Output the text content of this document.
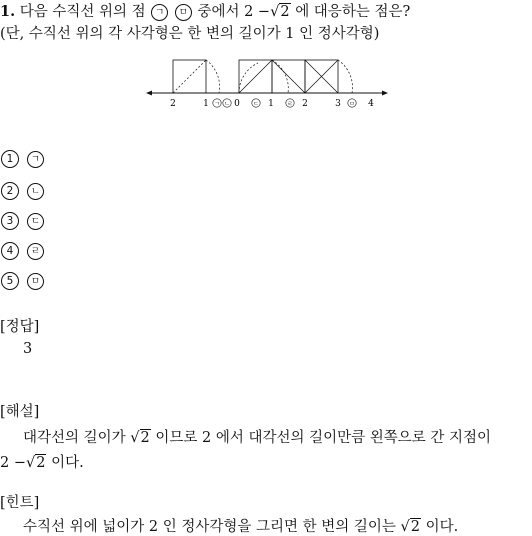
1. 다음 수직선 위의 점 ㄱ ㅁ 중에서 2 −√2 에 대응하는 점은?
(단, 수직선 위의 각 사각형은 한 변의 길이가 1 인 정사각형)
2	1 ㄱ ㄴ 0 ㄷ 1 ㄹ 2	3 ㅁ 4
1 ㄱ
2 ㄴ
3 ㄷ
4 ㄹ
5 ㅁ
[정답]
3
[해설]
대각선의 길이가 √2 이므로 2 에서 대각선의 길이만큼 왼쪽으로 간 지점이
2 −√2 이다.
[힌트]
수직선 위에 넓이가 2 인 정사각형을 그리면 한 변의 길이는 √2 이다.
